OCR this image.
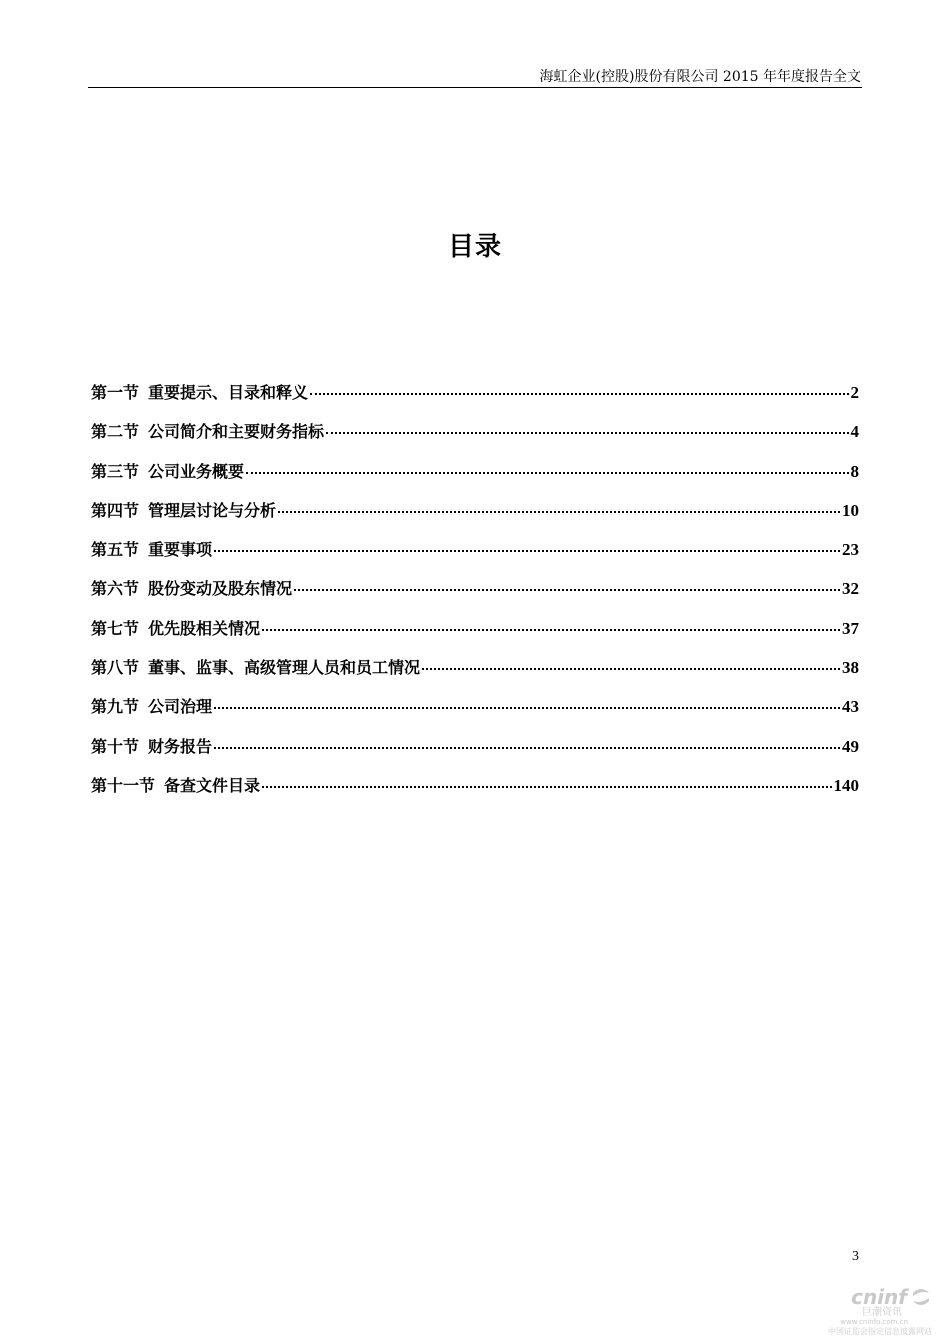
海虹企业(控股)股份有限公司 2015 年年度报告全文
目录
第一节 重要提示、目录和释义	2
第二节 公司简介和主要财务指标	4
第三节 公司业务概要	8
第四节 管理层讨论与分析	10
第五节 重要事项	23
第六节 股份变动及股东情况	32
第七节 优先股相关情况	37
第八节 董事、监事、高级管理人员和员工情况	38
第九节 公司治理	43
第十节 财务报告	49
第十一节 备查文件目录	140
3
cninf
巨潮资讯
www.cninfo.com.cn
中国证监会指定信息披露网站
